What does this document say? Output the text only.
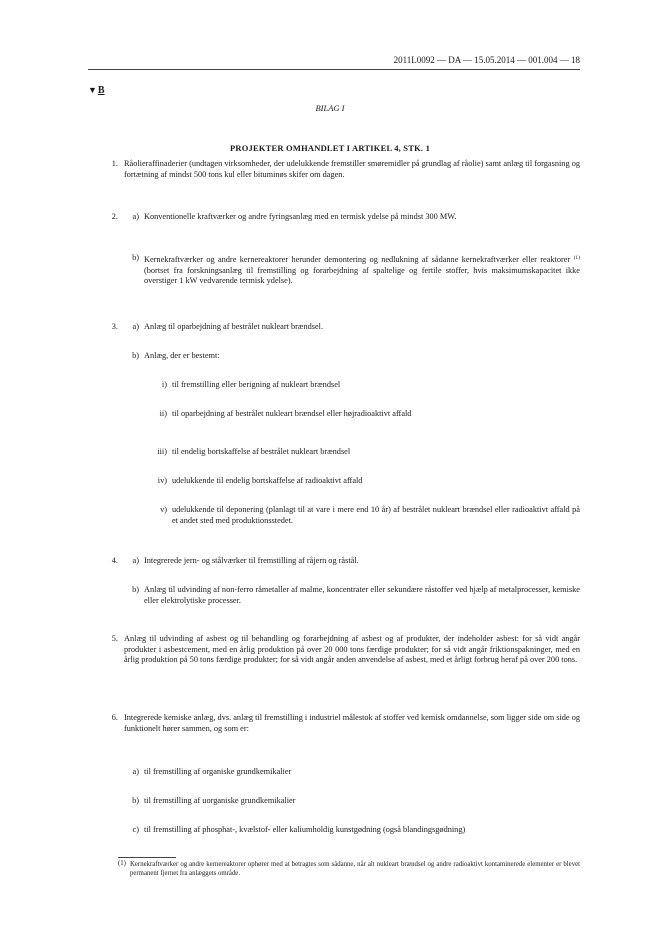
2011L0092 — DA — 15.05.2014 — 001.004 — 18
▼B
BILAG I
PROJEKTER OMHANDLET I ARTIKEL 4, STK. 1
1. Råolieraffinaderier (undtagen virksomheder, der udelukkende fremstiller smøremidler på grundlag af råolie) samt anlæg til forgasning og fortætning af mindst 500 tons kul eller bituminøs skifer om dagen.
2.	a) Konventionelle kraftværker og andre fyringsanlæg med en termisk ydelse på mindst 300 MW.
b) Kernekraftværker og andre kernereaktorer herunder demontering og nedlukning af sådanne kernekraftværker eller reaktorer $^{(1)}$ (bortset fra forskningsanlæg til fremstilling og forarbejdning af spaltelige og fertile stoffer, hvis maksimumskapacitet ikke overstiger 1 kW vedvarende termisk ydelse).
3.	a) Anlæg til oparbejdning af bestrålet nukleart brændsel.
b) Anlæg, der er bestemt:
i) til fremstilling eller berigning af nukleart brændsel
ii) til oparbejdning af bestrålet nukleart brændsel eller højradioaktivt affald
iii) til endelig bortskaffelse af bestrålet nukleart brændsel
iv) udelukkende til endelig bortskaffelse af radioaktivt affald
v) udelukkende til deponering (planlagt til at vare i mere end 10 år) af bestrålet nukleart brændsel eller radioaktivt affald på et andet sted med produktionsstedet.
4.	a) Integrerede jern- og stålværker til fremstilling af råjern og råstål.
b) Anlæg til udvinding af non-ferro råmetaller af malme, koncentrater eller sekundære råstoffer ved hjælp af metalprocesser, kemiske eller elektrolytiske processer.
5. Anlæg til udvinding af asbest og til behandling og forarbejdning af asbest og af produkter, der indeholder asbest: for så vidt angår produkter i asbestcement, med en årlig produktion på over 20 000 tons færdige produkter; for så vidt angår friktionspakninger, med en årlig produktion på 50 tons færdige produkter; for så vidt angår anden anvendelse af asbest, med et årligt forbrug heraf på over 200 tons.
6. Integrerede kemiske anlæg, dvs. anlæg til fremstilling i industriel målestok af stoffer ved kemisk omdannelse, som ligger side om side og funktionelt hører sammen, og som er:
a) til fremstilling af organiske grundkemikalier
b) til fremstilling af uorganiske grundkemikalier
c) til fremstilling af phosphat-, kvælstof- eller kaliumholdig kunstgødning (også blandingsgødning)
(1) Kernekraftværker og andre kernereaktorer ophører med at betragtes som sådanne, når alt nukleart brændsel og andre radioaktivt kontaminerede elementer er blevet permanent fjernet fra anlæggets område.
